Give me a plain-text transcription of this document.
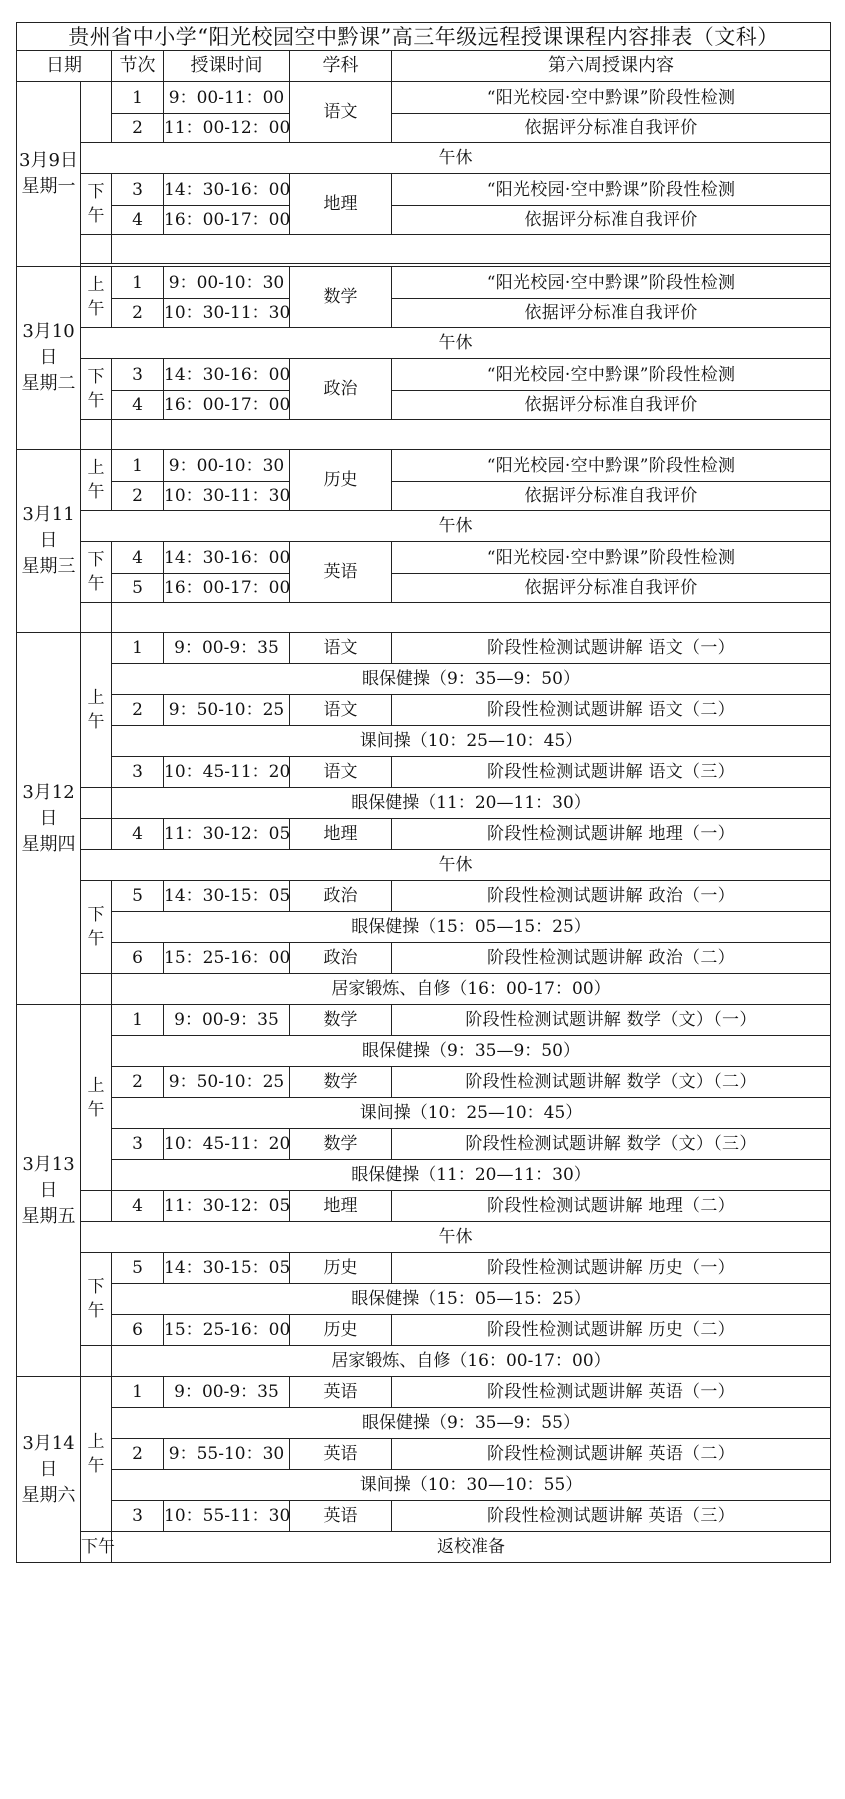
贵州省中小学“阳光校园空中黔课”高三年级远程授课课程内容排表（文科）					
日期		节次	授课时间	学科	第六周授课内容
3月9日
星期一		1	9：00-11：00	语文	“阳光校园·空中黔课”阶段性检测
		2	11：00-12：00		依据评分标准自我评价
	午休				
	下
午	3	14：30-16：00	地理	“阳光校园·空中黔课”阶段性检测
		4	16：00-17：00		依据评分标准自我评价

3月10
日
星期二	上
午	1	9：00-10：30	数学	“阳光校园·空中黔课”阶段性检测
		2	10：30-11：30		依据评分标准自我评价
	午休				
	下
午	3	14：30-16：00	政治	“阳光校园·空中黔课”阶段性检测
		4	16：00-17：00		依据评分标准自我评价

3月11
日
星期三	上
午	1	9：00-10：30	历史	“阳光校园·空中黔课”阶段性检测
		2	10：30-11：30		依据评分标准自我评价
	午休				
	下
午	4	14：30-16：00	英语	“阳光校园·空中黔课”阶段性检测
		5	16：00-17：00		依据评分标准自我评价

3月12
日
星期四	上
午	1	9：00-9：35	语文	阶段性检测试题讲解 语文（一）
		眼保健操（9：35—9：50）			
		2	9：50-10：25	语文	阶段性检测试题讲解 语文（二）
		课间操（10：25—10：45）			
		3	10：45-11：20	语文	阶段性检测试题讲解 语文（三）
		眼保健操（11：20—11：30）			
		4	11：30-12：05	地理	阶段性检测试题讲解 地理（一）
	午休				
	下
午	5	14：30-15：05	政治	阶段性检测试题讲解 政治（一）
		眼保健操（15：05—15：25）			
		6	15：25-16：00	政治	阶段性检测试题讲解 政治（二）
		居家锻炼、自修（16：00-17：00）			
3月13
日
星期五	上
午	1	9：00-9：35	数学	阶段性检测试题讲解 数学（文）（一）
		眼保健操（9：35—9：50）			
		2	9：50-10：25	数学	阶段性检测试题讲解 数学（文）（二）
		课间操（10：25—10：45）			
		3	10：45-11：20	数学	阶段性检测试题讲解 数学（文）（三）
		眼保健操（11：20—11：30）			
		4	11：30-12：05	地理	阶段性检测试题讲解 地理（二）
	午休				
	下
午	5	14：30-15：05	历史	阶段性检测试题讲解 历史（一）
		眼保健操（15：05—15：25）			
		6	15：25-16：00	历史	阶段性检测试题讲解 历史（二）
		居家锻炼、自修（16：00-17：00）			
3月14
日
星期六	上
午	1	9：00-9：35	英语	阶段性检测试题讲解 英语（一）
		眼保健操（9：35—9：55）			
		2	9：55-10：30	英语	阶段性检测试题讲解 英语（二）
		课间操（10：30—10：55）			
		3	10：55-11：30	英语	阶段性检测试题讲解 英语（三）
	下午	返校准备			
